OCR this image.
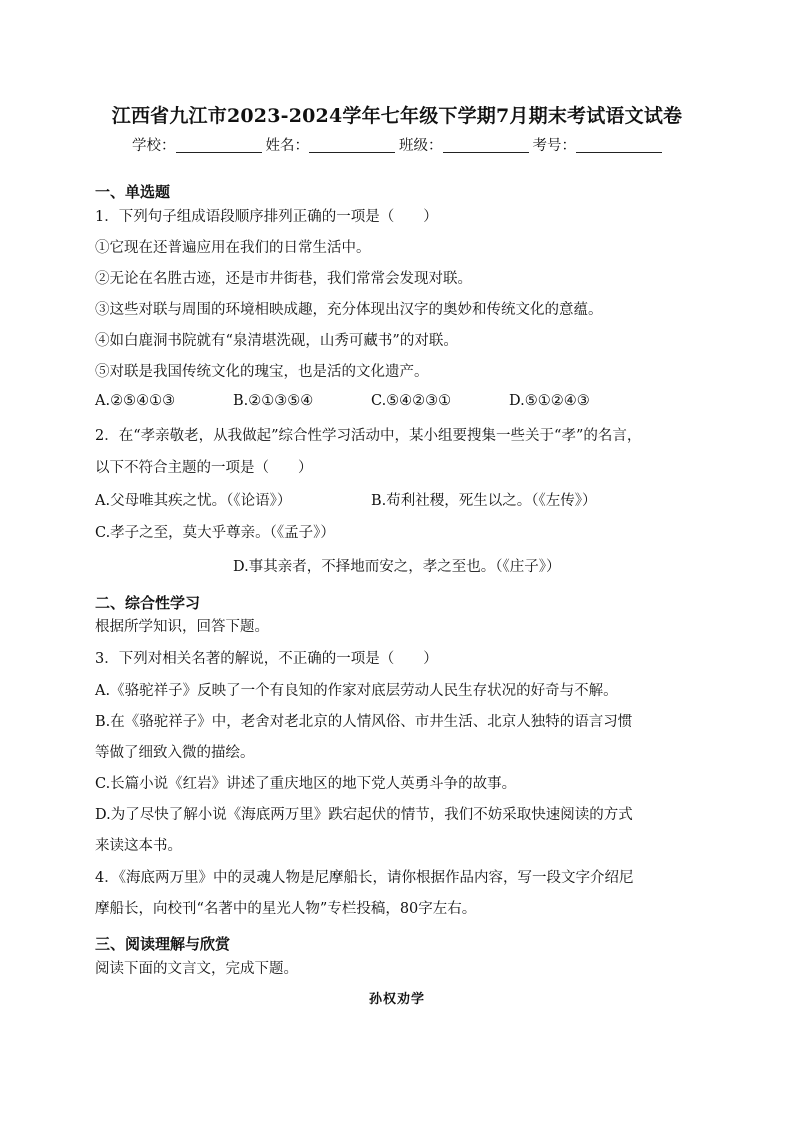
江西省九江市2023-2024学年七年级下学期7月期末考试语文试卷
学校：	姓名：	班级：	考号：
一、单选题
1．下列句子组成语段顺序排列正确的一项是（　　）
①它现在还普遍应用在我们的日常生活中。
②无论在名胜古迹，还是市井街巷，我们常常会发现对联。
③这些对联与周围的环境相映成趣，充分体现出汉字的奥妙和传统文化的意蕴。
④如白鹿洞书院就有“泉清堪洗砚，山秀可藏书”的对联。
⑤对联是我国传统文化的瑰宝，也是活的文化遗产。
A.②⑤④①③	B.②①③⑤④	C.⑤④②③①	D.⑤①②④③
2．在“孝亲敬老，从我做起”综合性学习活动中，某小组要搜集一些关于“孝”的名言，
以下不符合主题的一项是（　　）
A.父母唯其疾之忧。（《论语》）	B.苟利社稷，死生以之。（《左传》）
C.孝子之至，莫大乎尊亲。（《孟子》）
D.事其亲者，不择地而安之，孝之至也。（《庄子》）
二、综合性学习
根据所学知识，回答下题。
3．下列对相关名著的解说，不正确的一项是（　　）
A.《骆驼祥子》反映了一个有良知的作家对底层劳动人民生存状况的好奇与不解。
B.在《骆驼祥子》中，老舍对老北京的人情风俗、市井生活、北京人独特的语言习惯
等做了细致入微的描绘。
C.长篇小说《红岩》讲述了重庆地区的地下党人英勇斗争的故事。
D.为了尽快了解小说《海底两万里》跌宕起伏的情节，我们不妨采取快速阅读的方式
来读这本书。
4．《海底两万里》中的灵魂人物是尼摩船长，请你根据作品内容，写一段文字介绍尼
摩船长，向校刊“名著中的星光人物”专栏投稿，80字左右。
三、阅读理解与欣赏
阅读下面的文言文，完成下题。
孙权劝学
